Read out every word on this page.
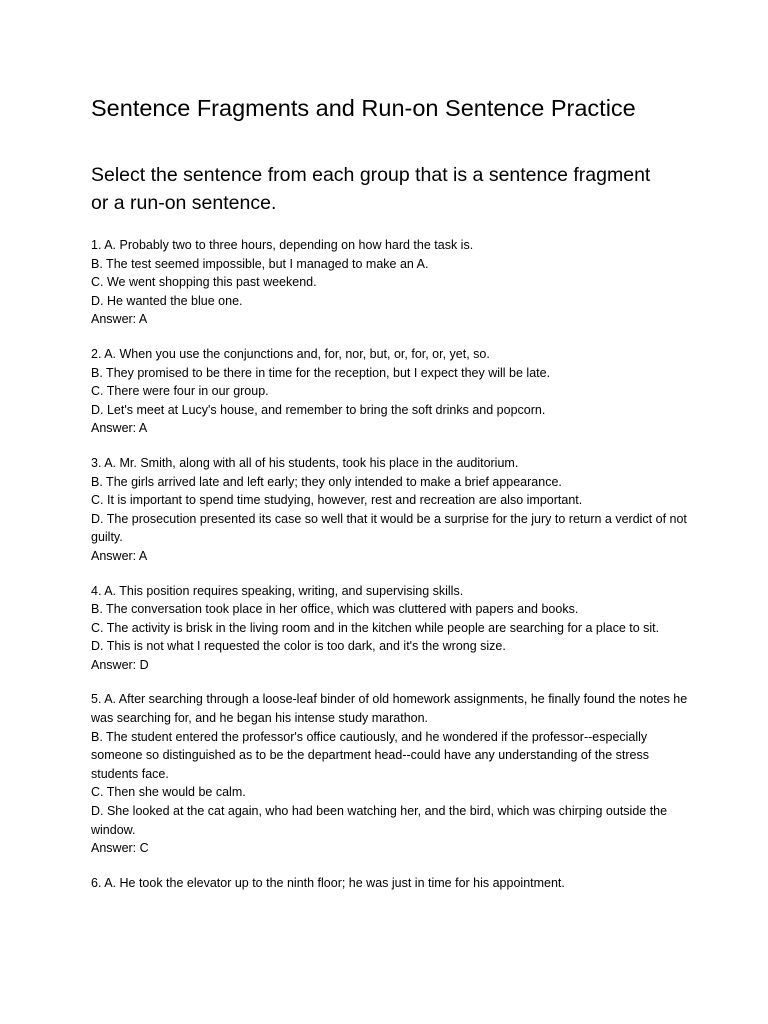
Sentence Fragments and Run-on Sentence Practice

Select the sentence from each group that is a sentence fragment or a run-on sentence.

1. A. Probably two to three hours, depending on how hard the task is.
B. The test seemed impossible, but I managed to make an A.
C. We went shopping this past weekend.
D. He wanted the blue one.
Answer: A
2. A. When you use the conjunctions and, for, nor, but, or, for, or, yet, so.
B. They promised to be there in time for the reception, but I expect they will be late.
C. There were four in our group.
D. Let's meet at Lucy's house, and remember to bring the soft drinks and popcorn.
Answer: A
3. A. Mr. Smith, along with all of his students, took his place in the auditorium.
B. The girls arrived late and left early; they only intended to make a brief appearance.
C. It is important to spend time studying, however, rest and recreation are also important.
D. The prosecution presented its case so well that it would be a surprise for the jury to return a verdict of not guilty.
Answer: A
4. A. This position requires speaking, writing, and supervising skills.
B. The conversation took place in her office, which was cluttered with papers and books.
C. The activity is brisk in the living room and in the kitchen while people are searching for a place to sit.
D. This is not what I requested the color is too dark, and it's the wrong size.
Answer: D
5. A. After searching through a loose-leaf binder of old homework assignments, he finally found the notes he was searching for, and he began his intense study marathon.
B. The student entered the professor's office cautiously, and he wondered if the professor--especially someone so distinguished as to be the department head--could have any understanding of the stress students face.
C. Then she would be calm.
D. She looked at the cat again, who had been watching her, and the bird, which was chirping outside the window.
Answer: C
6. A. He took the elevator up to the ninth floor; he was just in time for his appointment.
